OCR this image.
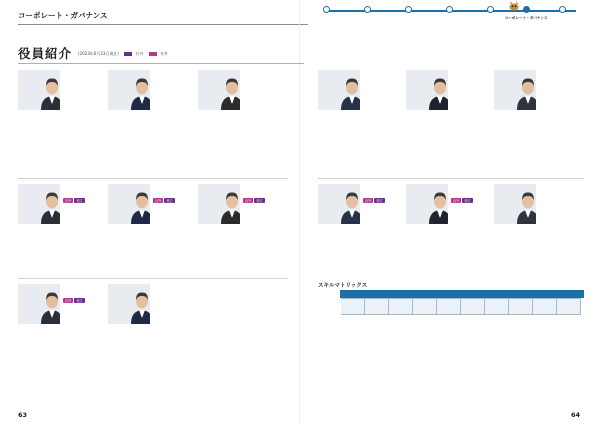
コーポレート・ガバナンス	コーポレート・ガバナンス
役員紹介 (2023年6月23日現在)	社外	社外
社外 独立	社外 独立	社外 独立	社外 独立	社外 独立
社外 独立
スキルマトリックス

63	64
